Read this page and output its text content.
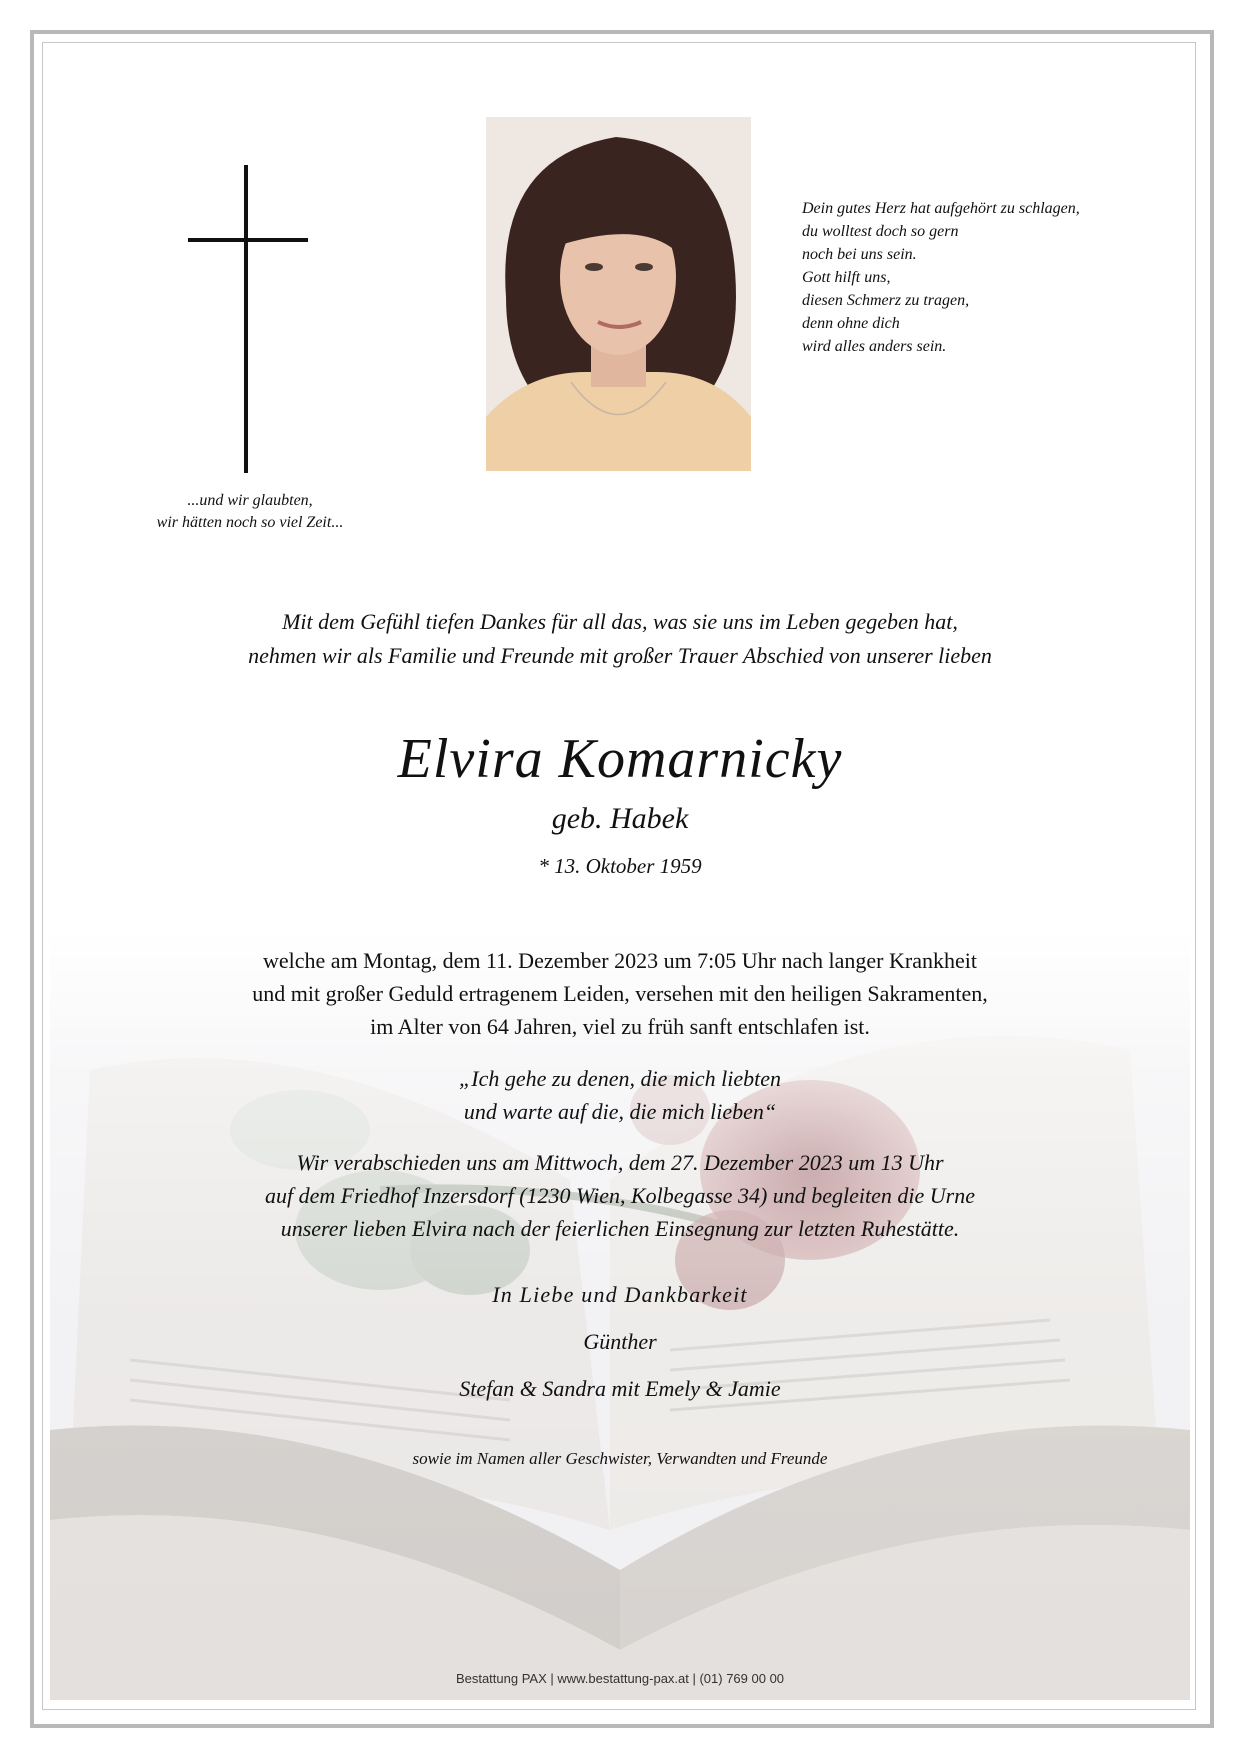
...und wir glaubten,
wir hätten noch so viel Zeit...
Dein gutes Herz hat aufgehört zu schlagen,
du wolltest doch so gern
noch bei uns sein.
Gott hilft uns,
diesen Schmerz zu tragen,
denn ohne dich
wird alles anders sein.
Mit dem Gefühl tiefen Dankes für all das, was sie uns im Leben gegeben hat,
nehmen wir als Familie und Freunde mit großer Trauer Abschied von unserer lieben
Elvira Komarnicky
geb. Habek
* 13. Oktober 1959
welche am Montag, dem 11. Dezember 2023 um 7:05 Uhr nach langer Krankheit
und mit großer Geduld ertragenem Leiden, versehen mit den heiligen Sakramenten,
im Alter von 64 Jahren, viel zu früh sanft entschlafen ist.
„Ich gehe zu denen, die mich liebten
und warte auf die, die mich lieben“
Wir verabschieden uns am Mittwoch, dem 27. Dezember 2023 um 13 Uhr
auf dem Friedhof Inzersdorf (1230 Wien, Kolbegasse 34) und begleiten die Urne
unserer lieben Elvira nach der feierlichen Einsegnung zur letzten Ruhestätte.
In Liebe und Dankbarkeit
Günther
Stefan & Sandra mit Emely & Jamie
sowie im Namen aller Geschwister, Verwandten und Freunde
Bestattung PAX | www.bestattung-pax.at | (01) 769 00 00
